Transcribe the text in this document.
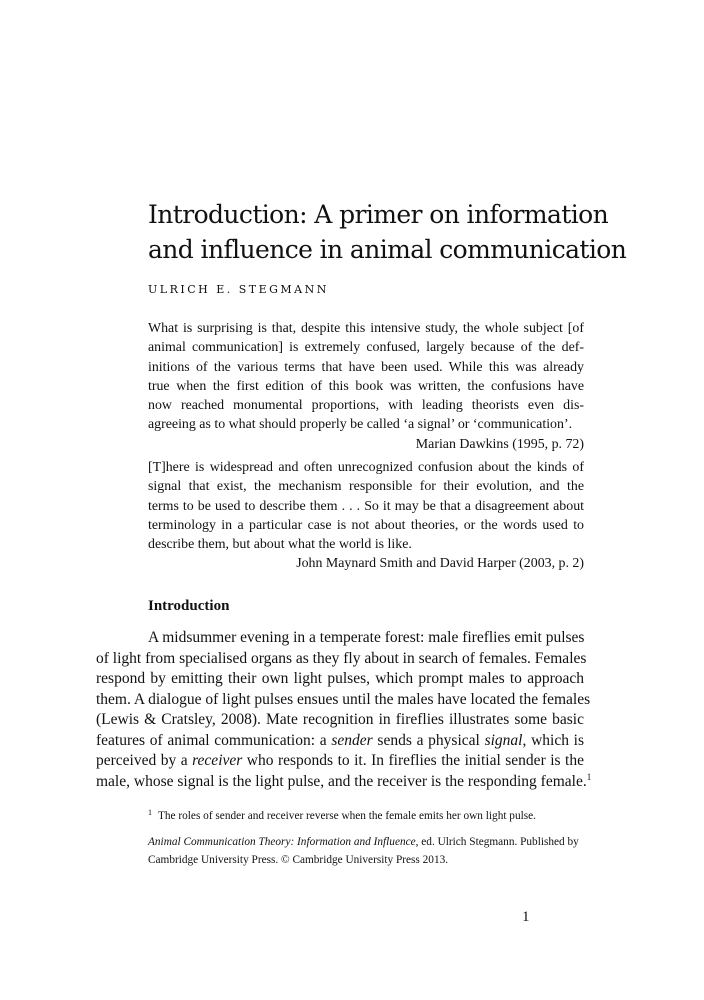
Introduction: A primer on information
and influence in animal communication
ULRICH E. STEGMANN
What is surprising is that, despite this intensive study, the whole subject [of
animal communication] is extremely confused, largely because of the def-
initions of the various terms that have been used. While this was already
true when the first edition of this book was written, the confusions have
now reached monumental proportions, with leading theorists even dis-
agreeing as to what should properly be called ‘a signal’ or ‘communication’.
Marian Dawkins (1995, p. 72)
[T]here is widespread and often unrecognized confusion about the kinds of
signal that exist, the mechanism responsible for their evolution, and the
terms to be used to describe them . . . So it may be that a disagreement about
terminology in a particular case is not about theories, or the words used to
describe them, but about what the world is like.
John Maynard Smith and David Harper (2003, p. 2)
Introduction
A midsummer evening in a temperate forest: male fireflies emit pulses
of light from specialised organs as they fly about in search of females. Females
respond by emitting their own light pulses, which prompt males to approach
them. A dialogue of light pulses ensues until the males have located the females
(Lewis & Cratsley, 2008). Mate recognition in fireflies illustrates some basic
features of animal communication: a sender sends a physical signal, which is
perceived by a receiver who responds to it. In fireflies the initial sender is the
male, whose signal is the light pulse, and the receiver is the responding female.$^1$
$^1$ The roles of sender and receiver reverse when the female emits her own light pulse.
Animal Communication Theory: Information and Influence, ed. Ulrich Stegmann. Published by
Cambridge University Press. © Cambridge University Press 2013.
1
